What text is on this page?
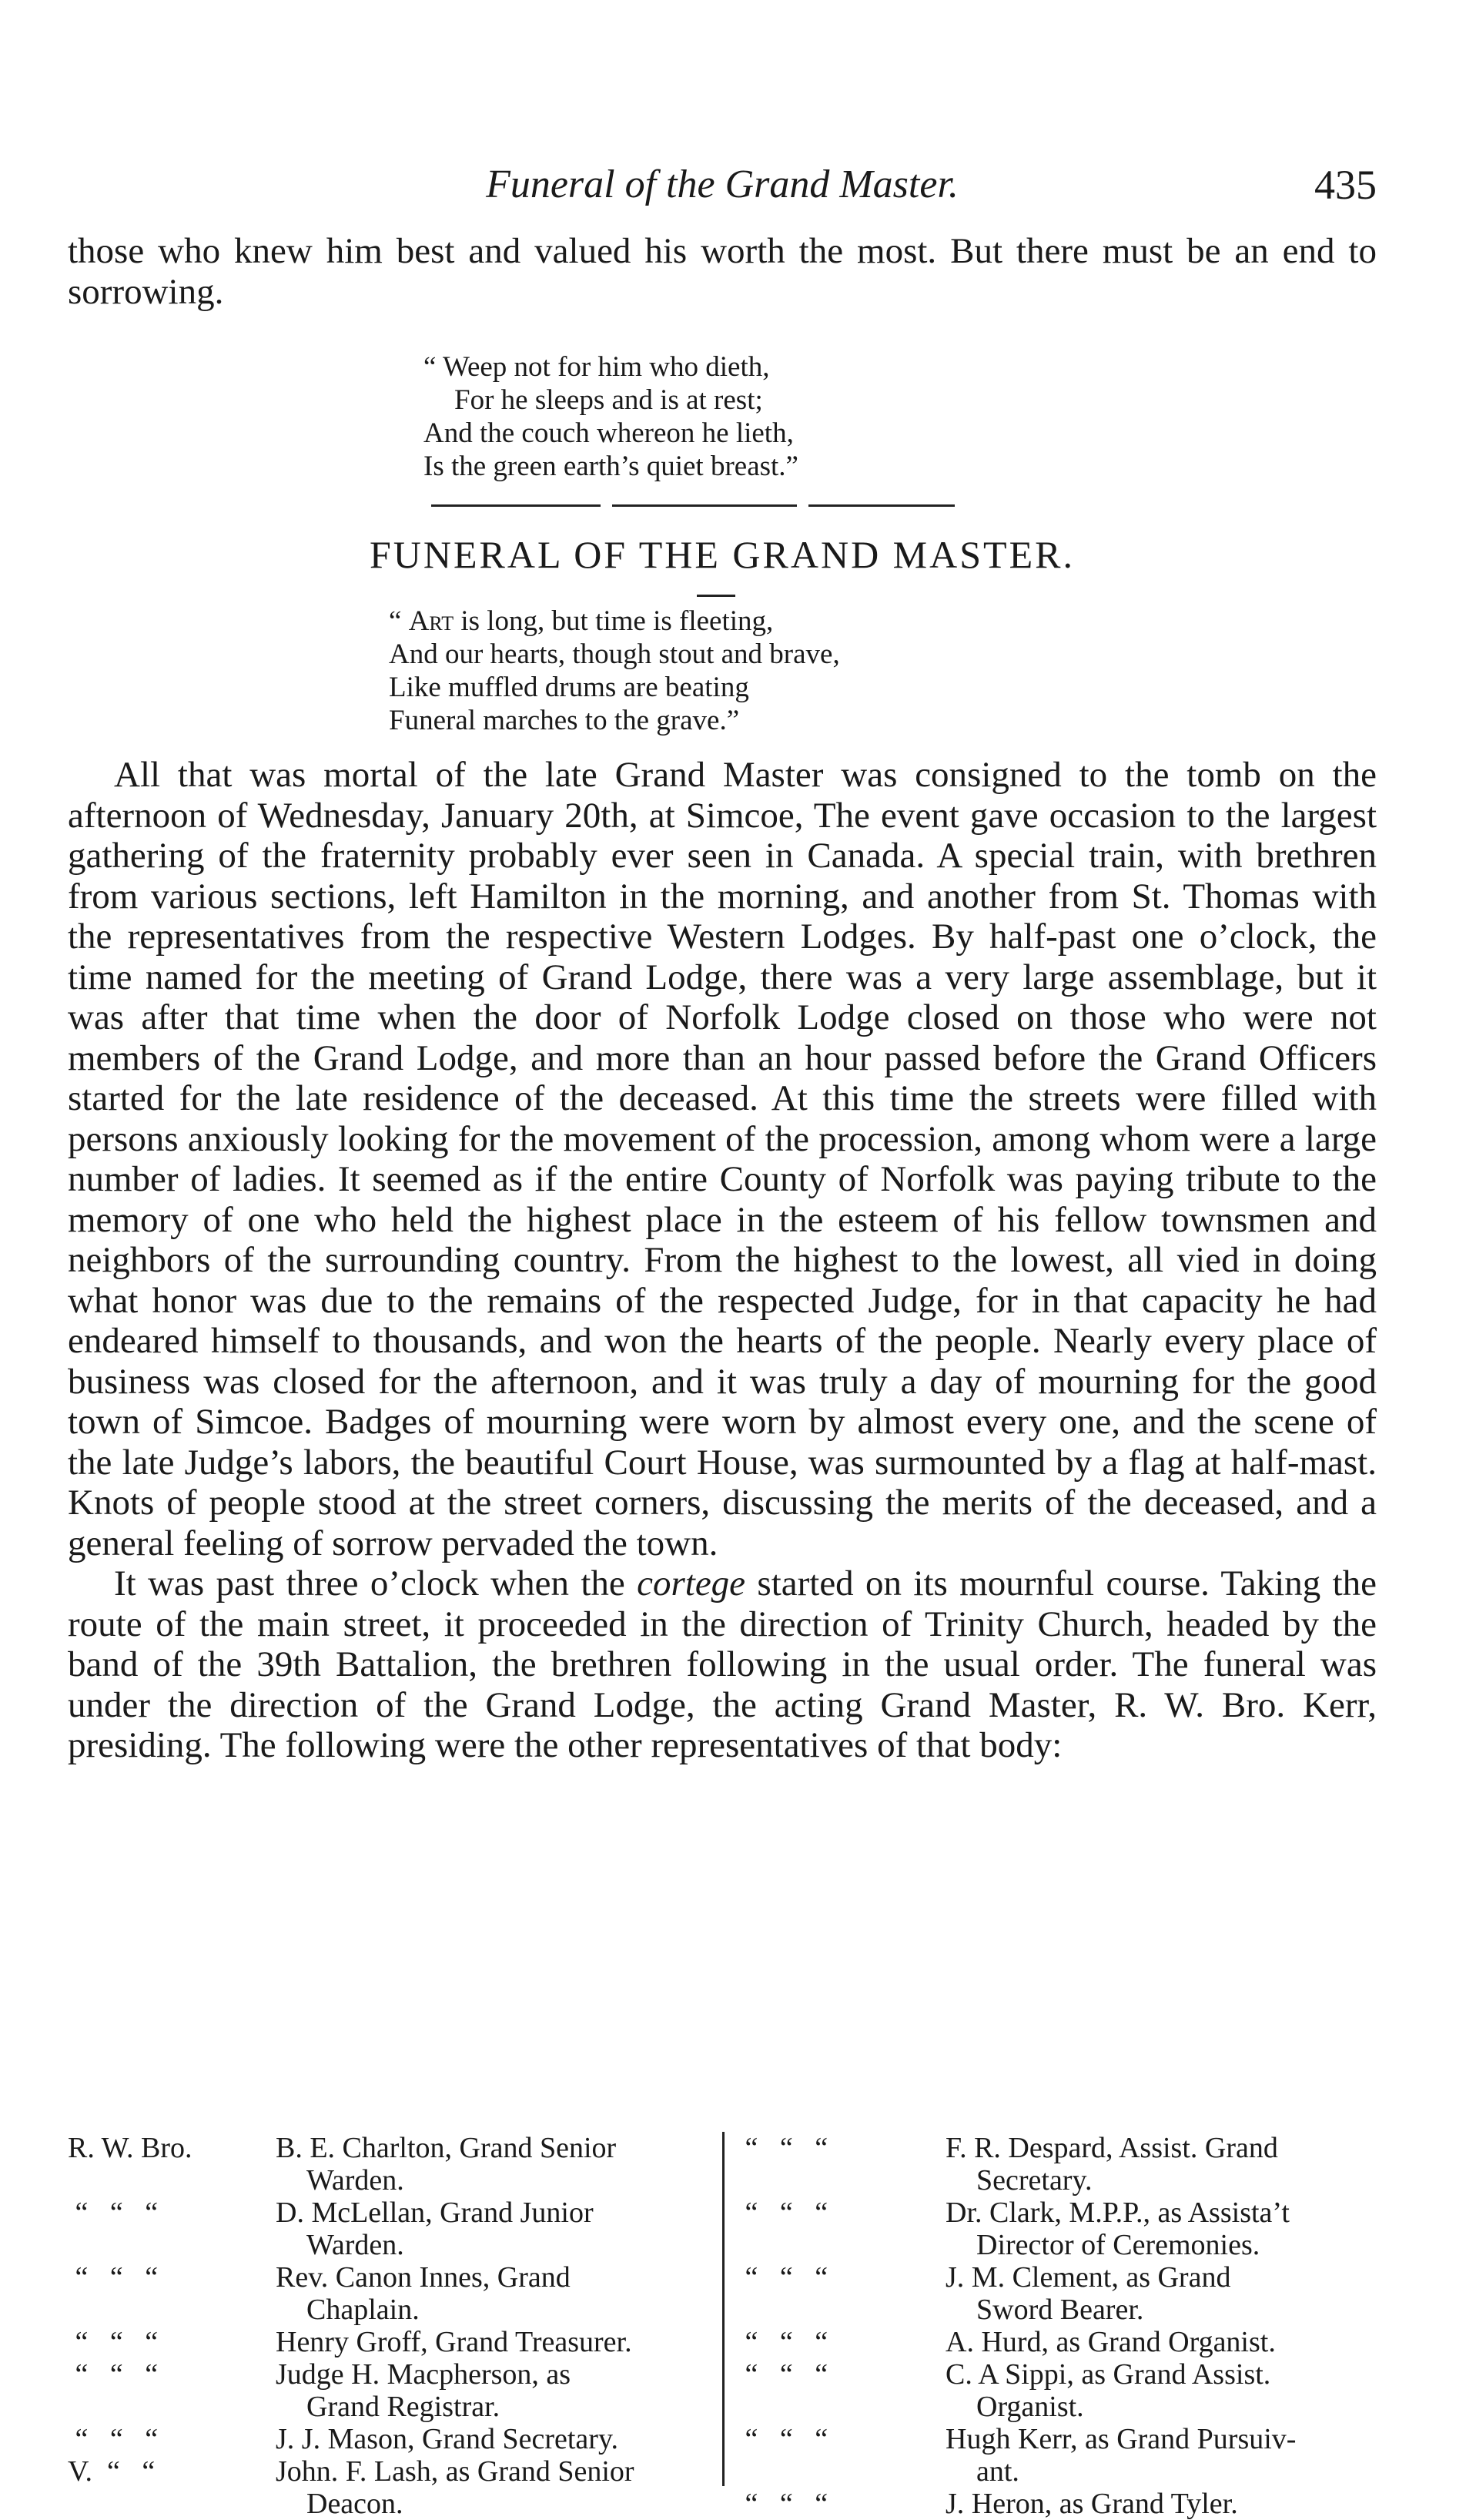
Funeral of the Grand Master.	435

those who knew him best and valued his worth the most. But there must be an end to sorrowing.

“ Weep not for him who dieth,
For he sleeps and is at rest;
And the couch whereon he lieth,
Is the green earth’s quiet breast.”
FUNERAL OF THE GRAND MASTER.
“ Art is long, but time is fleeting,
And our hearts, though stout and brave,
Like muffled drums are beating
Funeral marches to the grave.”

All that was mortal of the late Grand Master was consigned to the tomb on the afternoon of Wednesday, January 20th, at Simcoe, The event gave occasion to the largest gathering of the fraternity probably ever seen in Canada. A special train, with brethren from various sections, left Hamilton in the morning, and another from St. Thomas with the representatives from the respective Western Lodges. By half-past one o’clock, the time named for the meeting of Grand Lodge, there was a very large assemblage, but it was after that time when the door of Norfolk Lodge closed on those who were not members of the Grand Lodge, and more than an hour passed before the Grand Officers started for the late residence of the deceased. At this time the streets were filled with persons anxiously looking for the movement of the procession, among whom were a large number of ladies. It seemed as if the entire County of Norfolk was paying tribute to the memory of one who held the highest place in the esteem of his fellow townsmen and neighbors of the surrounding country. From the highest to the lowest, all vied in doing what honor was due to the remains of the respected Judge, for in that capacity he had endeared himself to thousands, and won the hearts of the people. Nearly every place of business was closed for the afternoon, and it was truly a day of mourning for the good town of Simcoe. Badges of mourning were worn by almost every one, and the scene of the late Judge’s labors, the beautiful Court House, was surmounted by a flag at half-mast. Knots of people stood at the street corners, discussing the merits of the deceased, and a general feeling of sorrow pervaded the town.

It was past three o’clock when the cortege started on its mournful course. Taking the route of the main street, it proceeded in the direction of Trinity Church, headed by the band of the 39th Battalion, the brethren following in the usual order. The funeral was under the direction of the Grand Lodge, the acting Grand Master, R. W. Bro. Kerr, presiding. The following were the other representatives of that body:

R. W. Bro.	B. E. Charlton, Grand Senior
Warden.
“   “   “	D. McLellan, Grand Junior
Warden.
“   “   “	Rev. Canon Innes, Grand
Chaplain.
“   “   “	Henry Groff, Grand Treasurer.
“   “   “	Judge H. Macpherson, as
Grand Registrar.
“   “   “	J. J. Mason, Grand Secretary.
V.  “   “	John. F. Lash, as Grand Senior
Deacon.
“   “   “	F. R. Despard, Assist. Grand
Secretary.
“   “   “	Dr. Clark, M.P.P., as Assista’t
Director of Ceremonies.
“   “   “	J. M. Clement, as Grand
Sword Bearer.
“   “   “	A. Hurd, as Grand Organist.
“   “   “	C. A Sippi, as Grand Assist.
Organist.
“   “   “	Hugh Kerr, as Grand Pursuiv-
ant.
“   “   “	J. Heron, as Grand Tyler.
